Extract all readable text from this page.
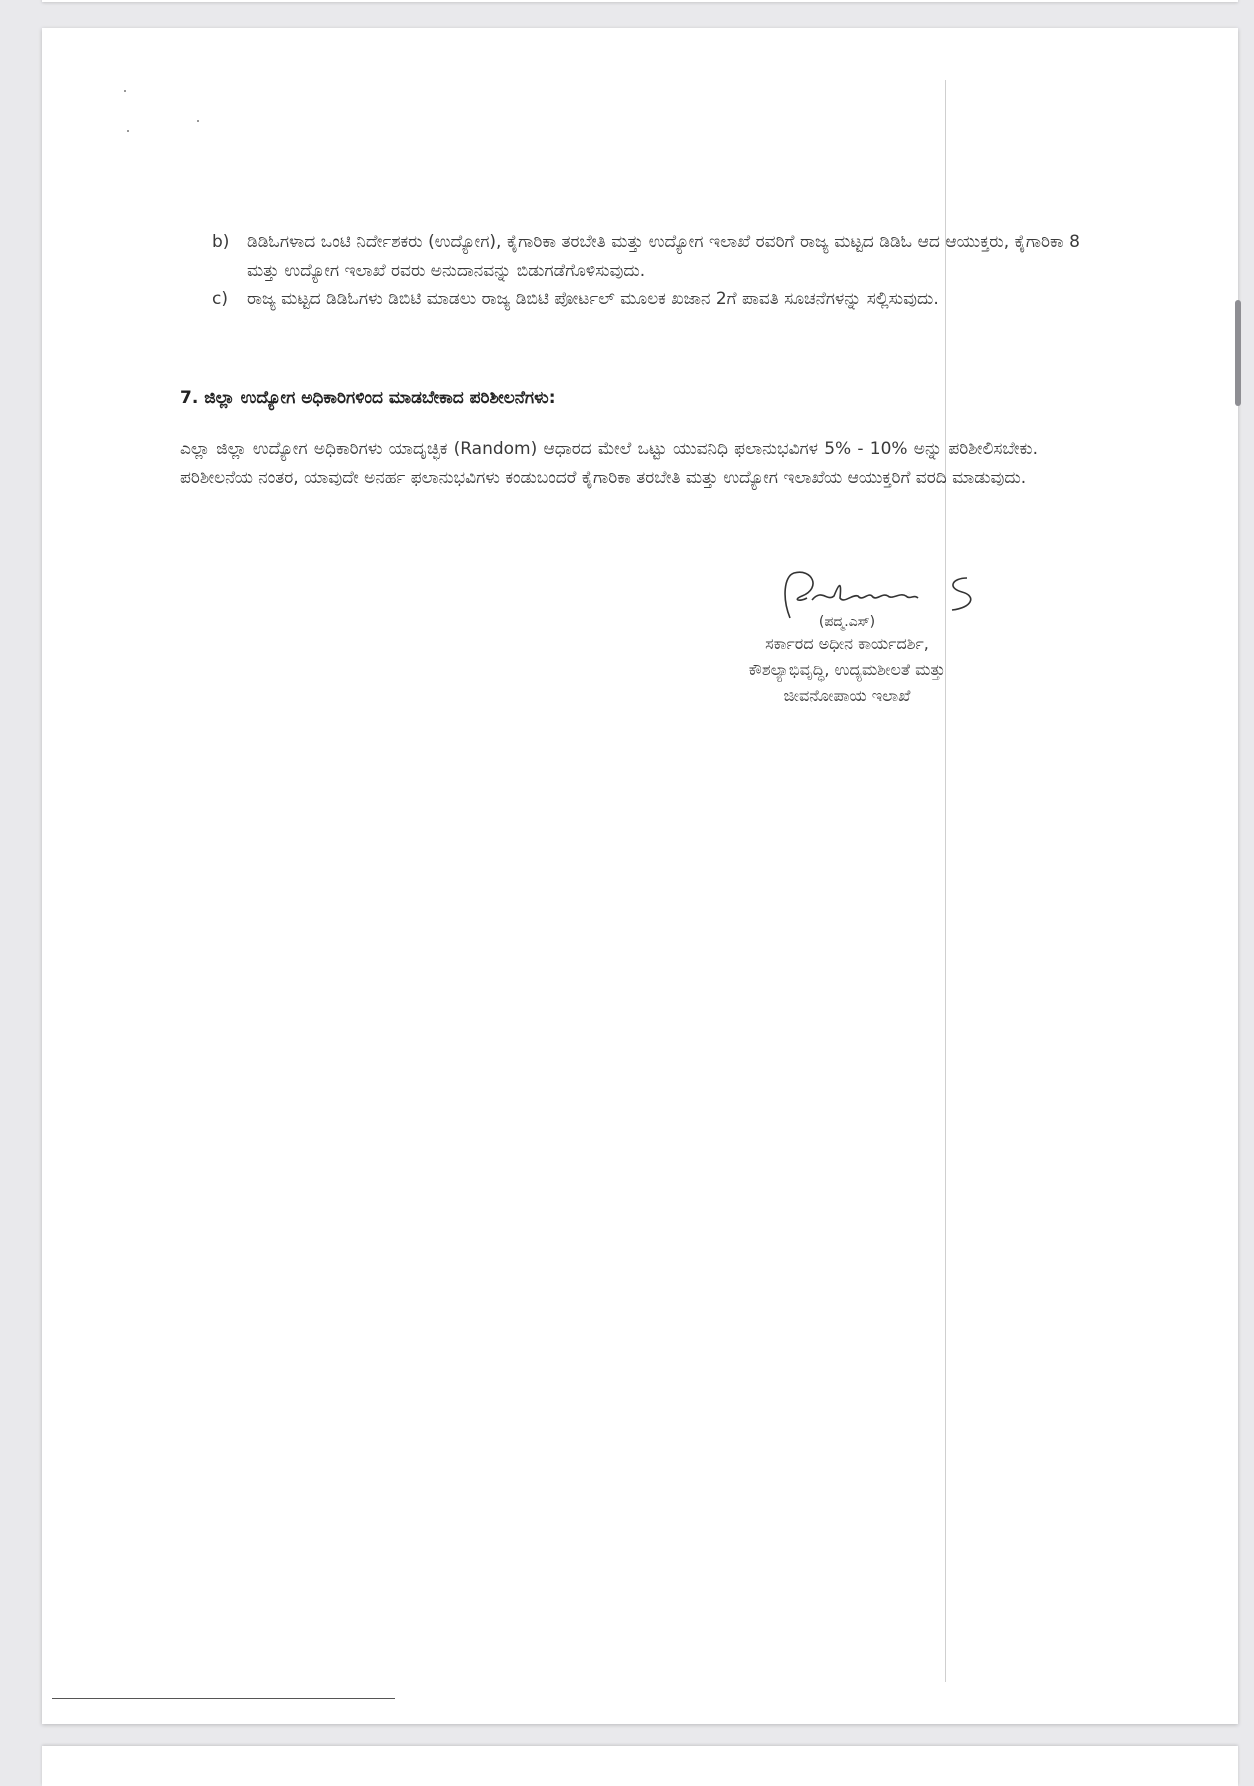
b)	ಡಿಡಿಓಗಳಾದ ಒಂಟಿ ನಿರ್ದೇಶಕರು (ಉದ್ಯೋಗ), ಕೈಗಾರಿಕಾ ತರಬೇತಿ ಮತ್ತು ಉದ್ಯೋಗ ಇಲಾಖೆ ರವರಿಗೆ ರಾಜ್ಯ ಮಟ್ಟದ ಡಿಡಿಓ ಆದ ಆಯುಕ್ತರು, ಕೈಗಾರಿಕಾ 8 ಮತ್ತು ಉದ್ಯೋಗ ಇಲಾಖೆ ರವರು ಅನುದಾನವನ್ನು ಬಿಡುಗಡೆಗೊಳಿಸುವುದು.
c)	ರಾಜ್ಯ ಮಟ್ಟದ ಡಿಡಿಓಗಳು ಡಿಬಿಟಿ ಮಾಡಲು ರಾಜ್ಯ ಡಿಬಿಟಿ ಪೋರ್ಟಲ್ ಮೂಲಕ ಖಜಾನ 2ಗೆ ಪಾವತಿ ಸೂಚನೆಗಳನ್ನು ಸಲ್ಲಿಸುವುದು.
7. ಜಿಲ್ಲಾ ಉದ್ಯೋಗ ಅಧಿಕಾರಿಗಳಿಂದ ಮಾಡಬೇಕಾದ ಪರಿಶೀಲನೆಗಳು:
ಎಲ್ಲಾ ಜಿಲ್ಲಾ ಉದ್ಯೋಗ ಅಧಿಕಾರಿಗಳು ಯಾದೃಚ್ಛಿಕ (Random) ಆಧಾರದ ಮೇಲೆ ಒಟ್ಟು ಯುವನಿಧಿ ಫಲಾನುಭವಿಗಳ 5% - 10% ಅನ್ನು ಪರಿಶೀಲಿಸಬೇಕು. ಪರಿಶೀಲನೆಯ ನಂತರ, ಯಾವುದೇ ಅನರ್ಹ ಫಲಾನುಭವಿಗಳು ಕಂಡುಬಂದರೆ ಕೈಗಾರಿಕಾ ತರಬೇತಿ ಮತ್ತು ಉದ್ಯೋಗ ಇಲಾಖೆಯ ಆಯುಕ್ತರಿಗೆ ವರದಿ ಮಾಡುವುದು.
(ಪದ್ಮ.ಎಸ್)
ಸರ್ಕಾರದ ಅಧೀನ ಕಾರ್ಯದರ್ಶಿ,
ಕೌಶಲ್ಯಾಭಿವೃದ್ಧಿ, ಉದ್ಯಮಶೀಲತೆ ಮತ್ತು
ಜೀವನೋಪಾಯ ಇಲಾಖೆ
